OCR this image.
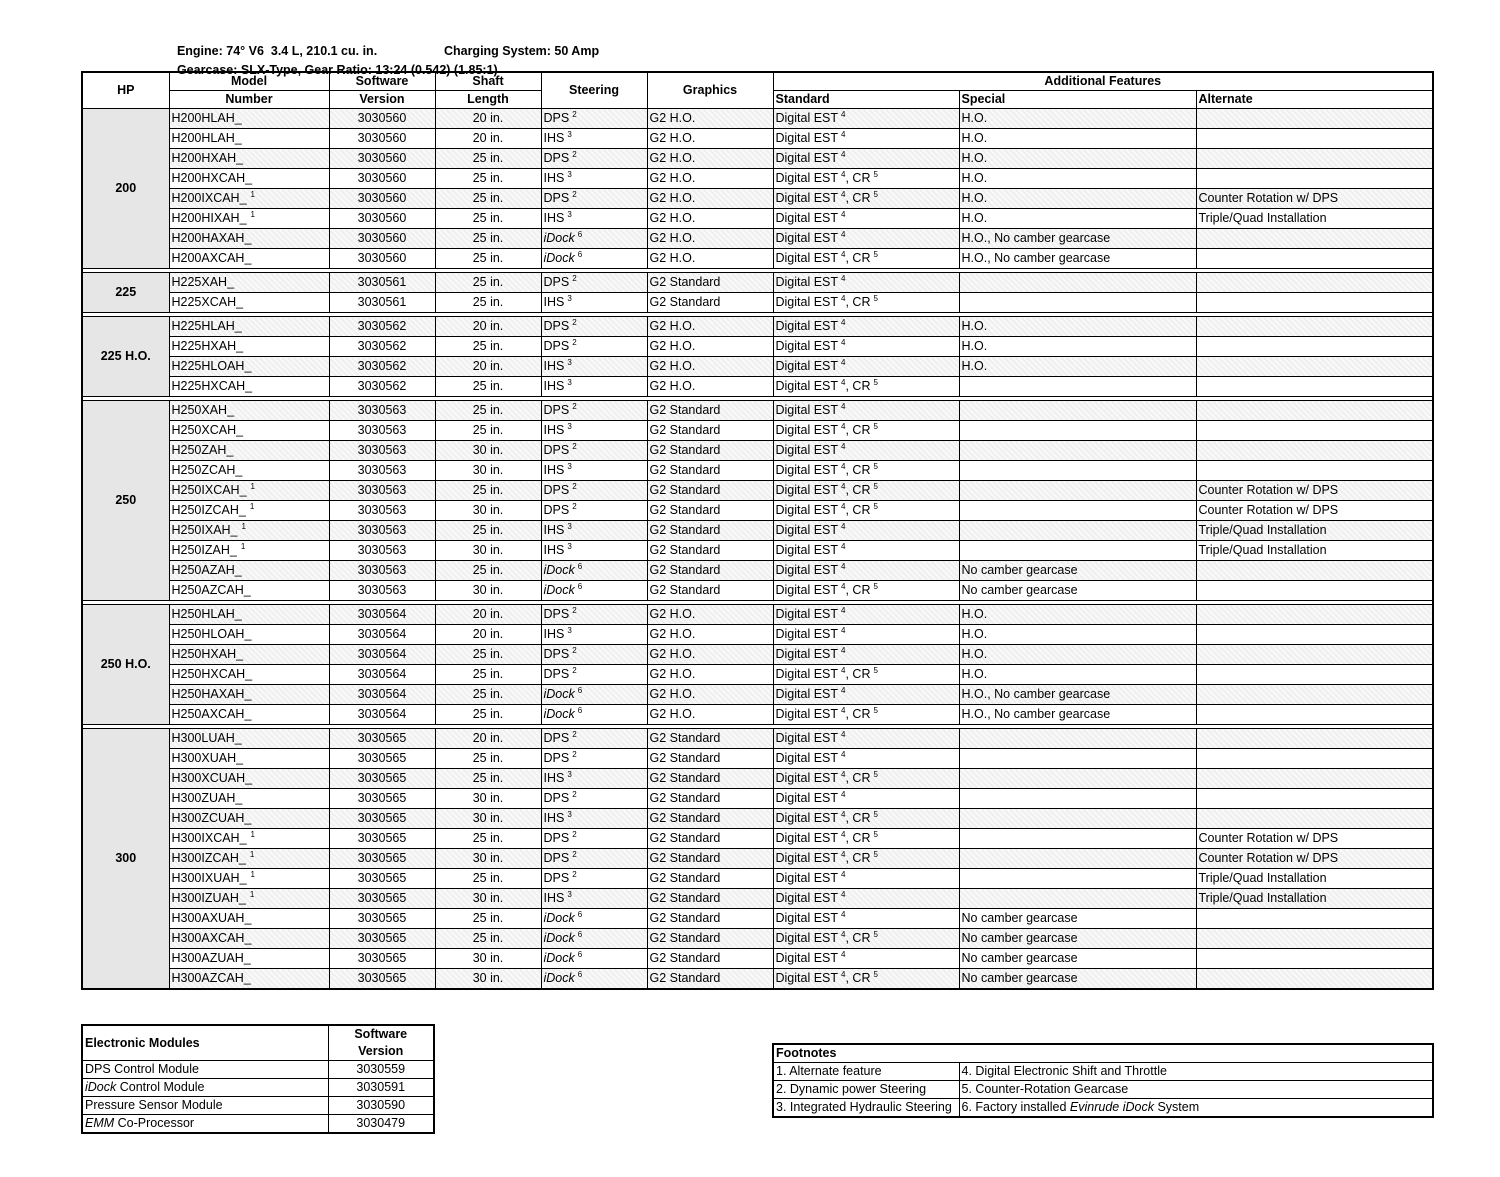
Engine: 74° V6  3.4 L, 210.1 cu. in.	Charging System: 50 Amp

Gearcase: SLX-Type, Gear Ratio: 13:24 (0.542) (1.85:1)

HP	Model	Software	Shaft	Steering	Graphics	Additional Features		
	Number	Version	Length			Standard	Special	Alternate
200	H200HLAH_	3030560	20 in.	DPS $^2$	G2 H.O.	Digital EST $^4$	H.O.	
	H200HLAH_	3030560	20 in.	IHS $^3$	G2 H.O.	Digital EST $^4$	H.O.	
	H200HXAH_	3030560	25 in.	DPS $^2$	G2 H.O.	Digital EST $^4$	H.O.	
	H200HXCAH_	3030560	25 in.	IHS $^3$	G2 H.O.	Digital EST $^4$, CR $^5$	H.O.	
	H200IXCAH_ $^1$	3030560	25 in.	DPS $^2$	G2 H.O.	Digital EST $^4$, CR $^5$	H.O.	Counter Rotation w/ DPS
	H200HIXAH_ $^1$	3030560	25 in.	IHS $^3$	G2 H.O.	Digital EST $^4$	H.O.	Triple/Quad Installation
	H200HAXAH_	3030560	25 in.	iDock $^6$	G2 H.O.	Digital EST $^4$	H.O., No camber gearcase	
	H200AXCAH_	3030560	25 in.	iDock $^6$	G2 H.O.	Digital EST $^4$, CR $^5$	H.O., No camber gearcase	

225	H225XAH_	3030561	25 in.	DPS $^2$	G2 Standard	Digital EST $^4$		
	H225XCAH_	3030561	25 in.	IHS $^3$	G2 Standard	Digital EST $^4$, CR $^5$		

225 H.O.	H225HLAH_	3030562	20 in.	DPS $^2$	G2 H.O.	Digital EST $^4$	H.O.	
	H225HXAH_	3030562	25 in.	DPS $^2$	G2 H.O.	Digital EST $^4$	H.O.	
	H225HLOAH_	3030562	20 in.	IHS $^3$	G2 H.O.	Digital EST $^4$	H.O.	
	H225HXCAH_	3030562	25 in.	IHS $^3$	G2 H.O.	Digital EST $^4$, CR $^5$		

250	H250XAH_	3030563	25 in.	DPS $^2$	G2 Standard	Digital EST $^4$		
	H250XCAH_	3030563	25 in.	IHS $^3$	G2 Standard	Digital EST $^4$, CR $^5$		
	H250ZAH_	3030563	30 in.	DPS $^2$	G2 Standard	Digital EST $^4$		
	H250ZCAH_	3030563	30 in.	IHS $^3$	G2 Standard	Digital EST $^4$, CR $^5$		
	H250IXCAH_ $^1$	3030563	25 in.	DPS $^2$	G2 Standard	Digital EST $^4$, CR $^5$		Counter Rotation w/ DPS
	H250IZCAH_ $^1$	3030563	30 in.	DPS $^2$	G2 Standard	Digital EST $^4$, CR $^5$		Counter Rotation w/ DPS
	H250IXAH_ $^1$	3030563	25 in.	IHS $^3$	G2 Standard	Digital EST $^4$		Triple/Quad Installation
	H250IZAH_ $^1$	3030563	30 in.	IHS $^3$	G2 Standard	Digital EST $^4$		Triple/Quad Installation
	H250AZAH_	3030563	25 in.	iDock $^6$	G2 Standard	Digital EST $^4$	No camber gearcase	
	H250AZCAH_	3030563	30 in.	iDock $^6$	G2 Standard	Digital EST $^4$, CR $^5$	No camber gearcase	

250 H.O.	H250HLAH_	3030564	20 in.	DPS $^2$	G2 H.O.	Digital EST $^4$	H.O.	
	H250HLOAH_	3030564	20 in.	IHS $^3$	G2 H.O.	Digital EST $^4$	H.O.	
	H250HXAH_	3030564	25 in.	DPS $^2$	G2 H.O.	Digital EST $^4$	H.O.	
	H250HXCAH_	3030564	25 in.	DPS $^2$	G2 H.O.	Digital EST $^4$, CR $^5$	H.O.	
	H250HAXAH_	3030564	25 in.	iDock $^6$	G2 H.O.	Digital EST $^4$	H.O., No camber gearcase	
	H250AXCAH_	3030564	25 in.	iDock $^6$	G2 H.O.	Digital EST $^4$, CR $^5$	H.O., No camber gearcase	

300	H300LUAH_	3030565	20 in.	DPS $^2$	G2 Standard	Digital EST $^4$		
	H300XUAH_	3030565	25 in.	DPS $^2$	G2 Standard	Digital EST $^4$		
	H300XCUAH_	3030565	25 in.	IHS $^3$	G2 Standard	Digital EST $^4$, CR $^5$		
	H300ZUAH_	3030565	30 in.	DPS $^2$	G2 Standard	Digital EST $^4$		
	H300ZCUAH_	3030565	30 in.	IHS $^3$	G2 Standard	Digital EST $^4$, CR $^5$		
	H300IXCAH_ $^1$	3030565	25 in.	DPS $^2$	G2 Standard	Digital EST $^4$, CR $^5$		Counter Rotation w/ DPS
	H300IZCAH_ $^1$	3030565	30 in.	DPS $^2$	G2 Standard	Digital EST $^4$, CR $^5$		Counter Rotation w/ DPS
	H300IXUAH_ $^1$	3030565	25 in.	DPS $^2$	G2 Standard	Digital EST $^4$		Triple/Quad Installation
	H300IZUAH_ $^1$	3030565	30 in.	IHS $^3$	G2 Standard	Digital EST $^4$		Triple/Quad Installation
	H300AXUAH_	3030565	25 in.	iDock $^6$	G2 Standard	Digital EST $^4$	No camber gearcase	
	H300AXCAH_	3030565	25 in.	iDock $^6$	G2 Standard	Digital EST $^4$, CR $^5$	No camber gearcase	
	H300AZUAH_	3030565	30 in.	iDock $^6$	G2 Standard	Digital EST $^4$	No camber gearcase	
	H300AZCAH_	3030565	30 in.	iDock $^6$	G2 Standard	Digital EST $^4$, CR $^5$	No camber gearcase	
Electronic Modules	Software
Version

DPS Control Module	3030559
iDock Control Module	3030591
Pressure Sensor Module	3030590
EMM Co-Processor	3030479
Footnotes	
1. Alternate feature	4. Digital Electronic Shift and Throttle
2. Dynamic power Steering	5. Counter-Rotation Gearcase
3. Integrated Hydraulic Steering	6. Factory installed Evinrude iDock System
